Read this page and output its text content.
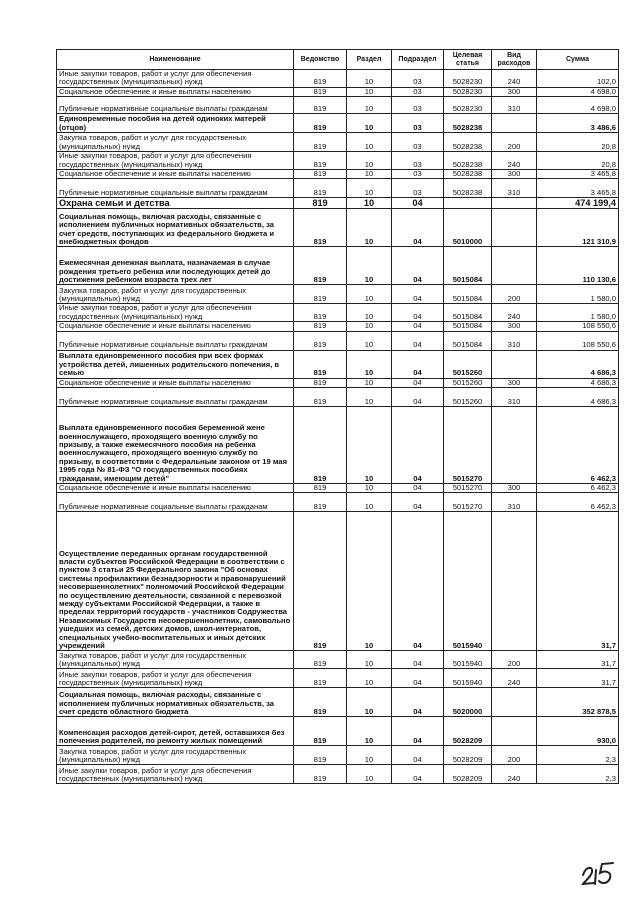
Наименование	Ведомство	Раздел	Подраздел	Целевая статья	Вид расходов	Сумма
Иные закупки товаров, работ и услуг для обеспечения государственных (муниципальных) нужд	819	10	03	5028230	240	102,0
Социальное обеспечение и иные выплаты населению	819	10	03	5028230	300	4 698,0
Публичные нормативные социальные выплаты гражданам	819	10	03	5028230	310	4 698,0
Единовременные пособия на детей одиноких матерей (отцов)	819	10	03	5028238		3 486,6
Закупка товаров, работ и услуг для государственных (муниципальных) нужд	819	10	03	5028238	200	20,8
Иные закупки товаров, работ и услуг для обеспечения государственных (муниципальных) нужд	819	10	03	5028238	240	20,8
Социальное обеспечение и иные выплаты населению	819	10	03	5028238	300	3 465,8
Публичные нормативные социальные выплаты гражданам	819	10	03	5028238	310	3 465,8
Охрана семьи и детства	819	10	04			474 199,4
Социальная помощь, включая расходы, связанные с исполнением публичных нормативных обязательств, за счет средств, поступающих из федерального бюджета и внебюджетных фондов	819	10	04	5010000		121 310,9
Ежемесячная денежная выплата, назначаемая в случае рождения третьего ребенка или последующих детей до достижения ребенком возраста трех лет	819	10	04	5015084		110 130,6
Закупка товаров, работ и услуг для государственных (муниципальных) нужд	819	10	04	5015084	200	1 580,0
Иные закупки товаров, работ и услуг для обеспечения государственных (муниципальных) нужд	819	10	04	5015084	240	1 580,0
Социальное обеспечение и иные выплаты населению	819	10	04	5015084	300	108 550,6
Публичные нормативные социальные выплаты гражданам	819	10	04	5015084	310	108 550,6
Выплата единовременного пособия при всех формах устройства детей, лишенных родительского попечения, в семью	819	10	04	5015260		4 686,3
Социальное обеспечение и иные выплаты населению	819	10	04	5015260	300	4 686,3
Публичные нормативные социальные выплаты гражданам	819	10	04	5015260	310	4 686,3
Выплата единовременного пособия беременной жене военнослужащего, проходящего военную службу по призыву, а также ежемесячного пособия на ребенка военнослужащего, проходящего военную службу по призыву, в соответствии с Федеральным законом от 19 мая 1995 года № 81-ФЗ "О государственных пособиях гражданам, имеющим детей"	819	10	04	5015270		6 462,3
Социальное обеспечение и иные выплаты населению	819	10	04	5015270	300	6 462,3
Публичные нормативные социальные выплаты гражданам	819	10	04	5015270	310	6 462,3
Осуществление переданных органам государственной власти субъектов Российской Федерации в соответствии с пунктом 3 статьи 25 Федерального закона "Об основах системы профилактики безнадзорности и правонарушений несовершеннолетних" полномочий Российской Федерации по осуществлению деятельности, связанной с перевозкой между субъектами Российской Федерации, а также в пределах территорий государств - участников Содружества Независимых Государств несовершеннолетних, самовольно ушедших из семей, детских домов, школ-интернатов, специальных учебно-воспитательных и иных детских учреждений	819	10	04	5015940		31,7
Закупка товаров, работ и услуг для государственных (муниципальных) нужд	819	10	04	5015940	200	31,7
Иные закупки товаров, работ и услуг для обеспечения государственных (муниципальных) нужд	819	10	04	5015940	240	31,7
Социальная помощь, включая расходы, связанные с исполнением публичных нормативных обязательств, за счет средств областного бюджета	819	10	04	5020000		352 878,5
Компенсация расходов детей-сирот, детей, оставшихся без попечения родителей, по ремонту жилых помещений	819	10	04	5028209		930,0
Закупка товаров, работ и услуг для государственных (муниципальных) нужд	819	10	04	5028209	200	2,3
Иные закупки товаров, работ и услуг для обеспечения государственных (муниципальных) нужд	819	10	04	5028209	240	2,3
